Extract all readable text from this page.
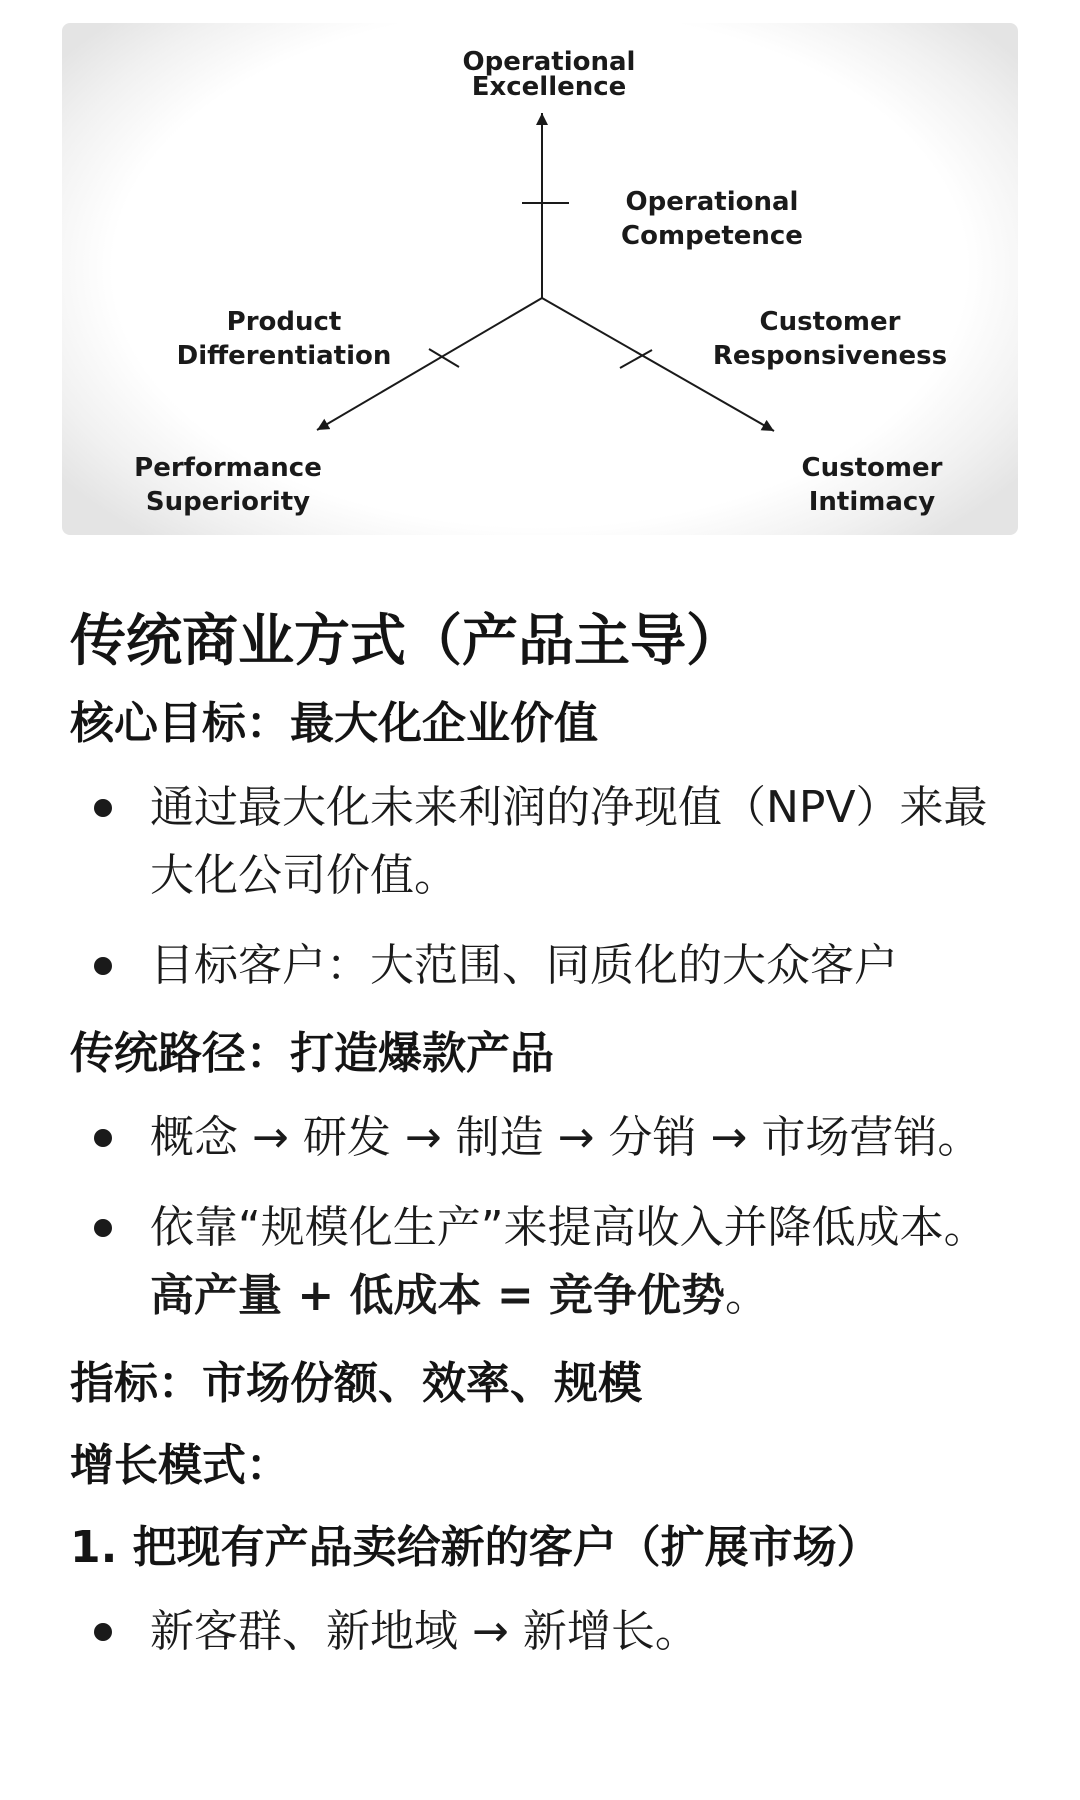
Operational
Excellence
Operational
Competence
Product
Differentiation
Customer
Responsiveness
Performance
Superiority
Customer
Intimacy
传统商业方式（产品主导）
核心目标：最大化企业价值
通过最大化未来利润的净现值（NPV）来最大化公司价值。
目标客户：大范围、同质化的大众客户
传统路径：打造爆款产品
概念 → 研发 → 制造 → 分销 → 市场营销。
依靠“规模化生产”来提高收入并降低成本。高产量 + 低成本 = 竞争优势。
指标：市场份额、效率、规模
增长模式：
1. 把现有产品卖给新的客户（扩展市场）
新客群、新地域 → 新增长。
